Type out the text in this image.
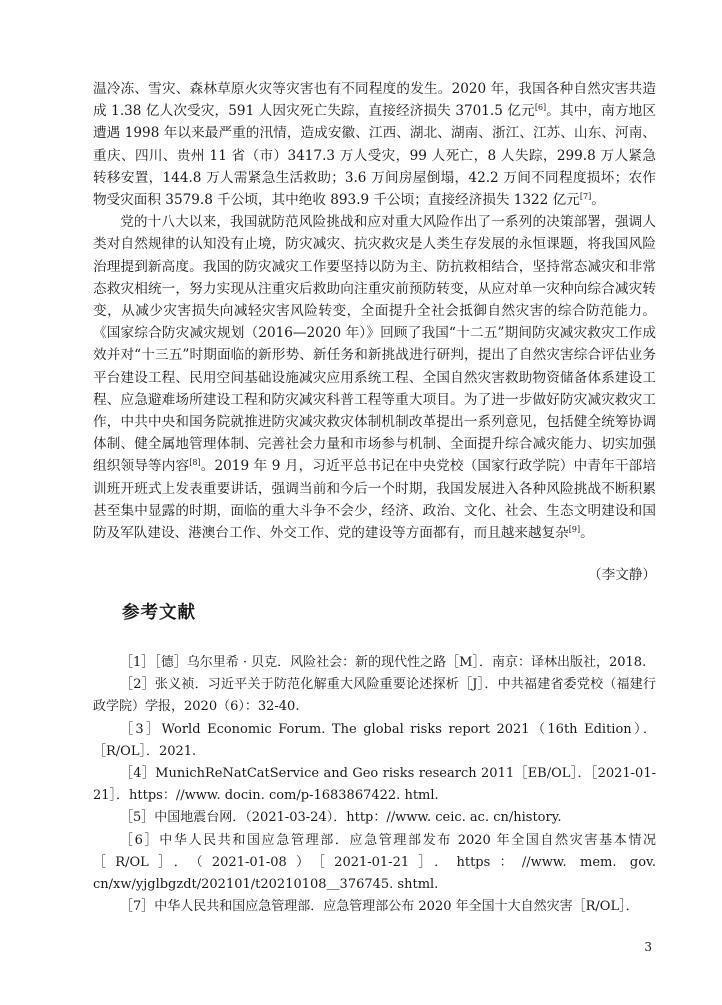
温冷冻、雪灾、森林草原火灾等灾害也有不同程度的发生。2020 年，我国各种自然灾害共造成 1.38 亿人次受灾，591 人因灾死亡失踪，直接经济损失 3701.5 亿元[6]。其中，南方地区遭遇 1998 年以来最严重的汛情，造成安徽、江西、湖北、湖南、浙江、江苏、山东、河南、重庆、四川、贵州 11 省（市）3417.3 万人受灾，99 人死亡，8 人失踪，299.8 万人紧急转移安置，144.8 万人需紧急生活救助；3.6 万间房屋倒塌，42.2 万间不同程度损坏；农作物受灾面积 3579.8 千公顷，其中绝收 893.9 千公顷；直接经济损失 1322 亿元[7]。

党的十八大以来，我国就防范风险挑战和应对重大风险作出了一系列的决策部署，强调人类对自然规律的认知没有止境，防灾减灾、抗灾救灾是人类生存发展的永恒课题，将我国风险治理提到新高度。我国的防灾减灾工作要坚持以防为主、防抗救相结合，坚持常态减灾和非常态救灾相统一，努力实现从注重灾后救助向注重灾前预防转变，从应对单一灾种向综合减灾转变，从减少灾害损失向减轻灾害风险转变，全面提升全社会抵御自然灾害的综合防范能力。《国家综合防灾减灾规划（2016—2020 年）》回顾了我国“十二五”期间防灾减灾救灾工作成效并对“十三五”时期面临的新形势、新任务和新挑战进行研判，提出了自然灾害综合评估业务平台建设工程、民用空间基础设施减灾应用系统工程、全国自然灾害救助物资储备体系建设工程、应急避难场所建设工程和防灾减灾科普工程等重大项目。为了进一步做好防灾减灾救灾工作，中共中央和国务院就推进防灾减灾救灾体制机制改革提出一系列意见，包括健全统筹协调体制、健全属地管理体制、完善社会力量和市场参与机制、全面提升综合减灾能力、切实加强组织领导等内容[8]。2019 年 9 月，习近平总书记在中央党校（国家行政学院）中青年干部培训班开班式上发表重要讲话，强调当前和今后一个时期，我国发展进入各种风险挑战不断积累甚至集中显露的时期，面临的重大斗争不会少，经济、政治、文化、社会、生态文明建设和国防及军队建设、港澳台工作、外交工作、党的建设等方面都有，而且越来越复杂[9]。

（李文静）
参考文献

［1］［德］乌尔里希 · 贝克．风险社会：新的现代性之路［M］．南京：译林出版社，2018.

［2］张义祯．习近平关于防范化解重大风险重要论述探析［J］．中共福建省委党校（福建行政学院）学报，2020（6）：32-40.

［3］World Economic Forum. The global risks report 2021（16th Edition）．［R/OL］．2021.

［4］MunichReNatCatService and Geo risks research 2011［EB/OL］．［2021-01-21］．https：//www. docin. com/p-1683867422. html.

［5］中国地震台网．（2021-03-24）．http：//www. ceic. ac. cn/history.

［6］中华人民共和国应急管理部．应急管理部发布 2020 年全国自然灾害基本情况［R/OL］．（2021-01-08）［2021-01-21］．https：//www. mem. gov. cn/xw/yjglbgzdt/202101/t20210108＿376745. shtml.

［7］中华人民共和国应急管理部．应急管理部公布 2020 年全国十大自然灾害［R/OL］．

3
